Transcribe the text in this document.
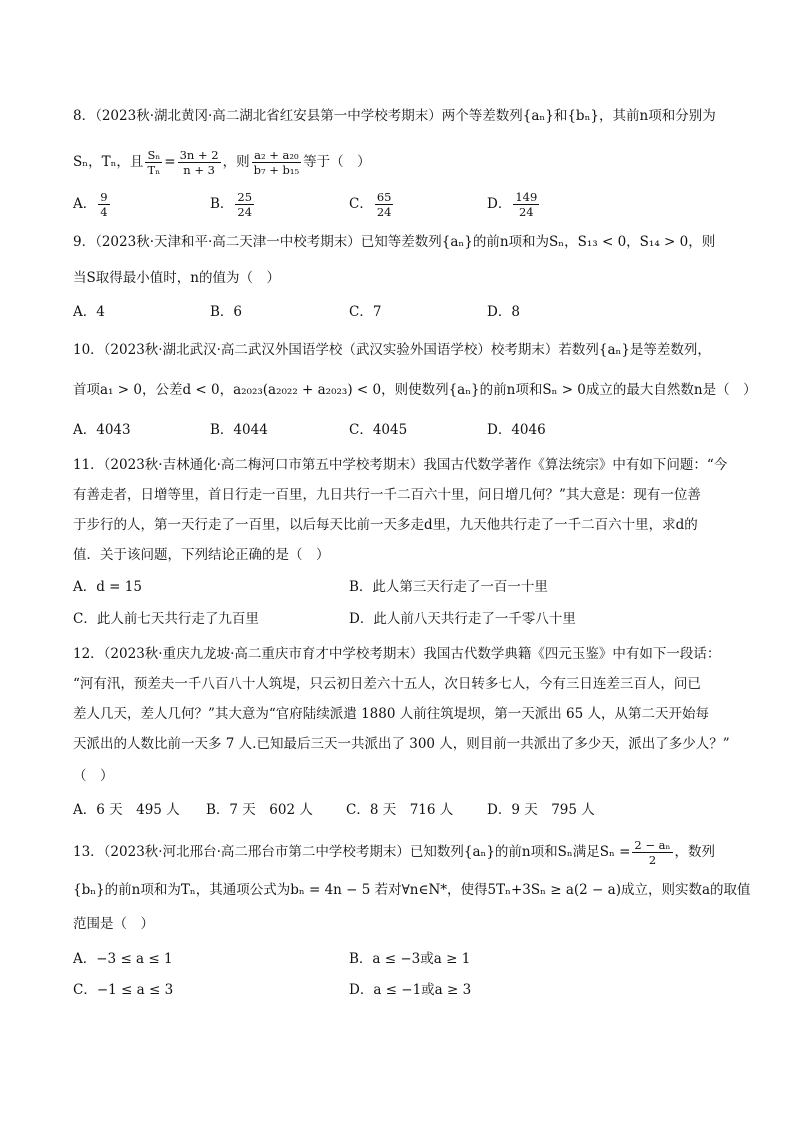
8．（2023秋·湖北黄冈·高二湖北省红安县第一中学校考期末）两个等差数列{aₙ}和{bₙ}，其前n项和分别为
Sₙ，Tₙ，且 $\frac{\text{Sₙ}}{\text{Tₙ}} = \frac{3n + 2}{n + 3}$ ，则 $\frac{\text{a₂ + a₂₀}}{\text{b₇ + b₁₅}}$ 等于（　）
A． $\frac{9}{4}$	B． $\frac{25}{24}$	C． $\frac{65}{24}$	D． $\frac{149}{24}$
9．（2023秋·天津和平·高二天津一中校考期末）已知等差数列{aₙ}的前n项和为Sₙ，S₁₃ < 0，S₁₄ > 0，则
当S取得最小值时，n的值为（　）
A．4	B．6	C．7	D．8
10．（2023秋·湖北武汉·高二武汉外国语学校（武汉实验外国语学校）校考期末）若数列{aₙ}是等差数列，
首项a₁ > 0，公差d < 0，a₂₀₂₃(a₂₀₂₂ + a₂₀₂₃) < 0，则使数列{aₙ}的前n项和Sₙ > 0成立的最大自然数n是（　）
A．4043	B．4044	C．4045	D．4046
11．（2023秋·吉林通化·高二梅河口市第五中学校考期末）我国古代数学著作《算法统宗》中有如下问题：“今
有善走者，日增等里，首日行走一百里，九日共行一千二百六十里，问日增几何？”其大意是：现有一位善
于步行的人，第一天行走了一百里，以后每天比前一天多走d里，九天他共行走了一千二百六十里，求d的
值．关于该问题，下列结论正确的是（　）
A．d = 15	B．此人第三天行走了一百一十里
C．此人前七天共行走了九百里	D．此人前八天共行走了一千零八十里
12．（2023秋·重庆九龙坡·高二重庆市育才中学校考期末）我国古代数学典籍《四元玉鉴》中有如下一段话：
“河有汛，预差夫一千八百八十人筑堤，只云初日差六十五人，次日转多七人，今有三日连差三百人，问已
差人几天，差人几何？”其大意为“官府陆续派遣 1880 人前往筑堤坝，第一天派出 65 人，从第二天开始每
天派出的人数比前一天多 7 人.已知最后三天一共派出了 300 人，则目前一共派出了多少天，派出了多少人？”
（　）
A．6 天　495 人 B．7 天　602 人 C．8 天　716 人 D．9 天　795 人
13．（2023秋·河北邢台·高二邢台市第二中学校考期末）已知数列{aₙ}的前n项和Sₙ满足$S_n = \frac{\text{2 − aₙ}}{2}$ ，数列
{bₙ}的前n项和为Tₙ，其通项公式为bₙ = 4n − 5 若对∀n∈N*，使得5Tₙ+3Sₙ ≥ a(2 − a)成立，则实数a的取值
范围是（　）
A．−3 ≤ a ≤ 1	B．a ≤ −3或a ≥ 1
C．−1 ≤ a ≤ 3	D．a ≤ −1或a ≥ 3
